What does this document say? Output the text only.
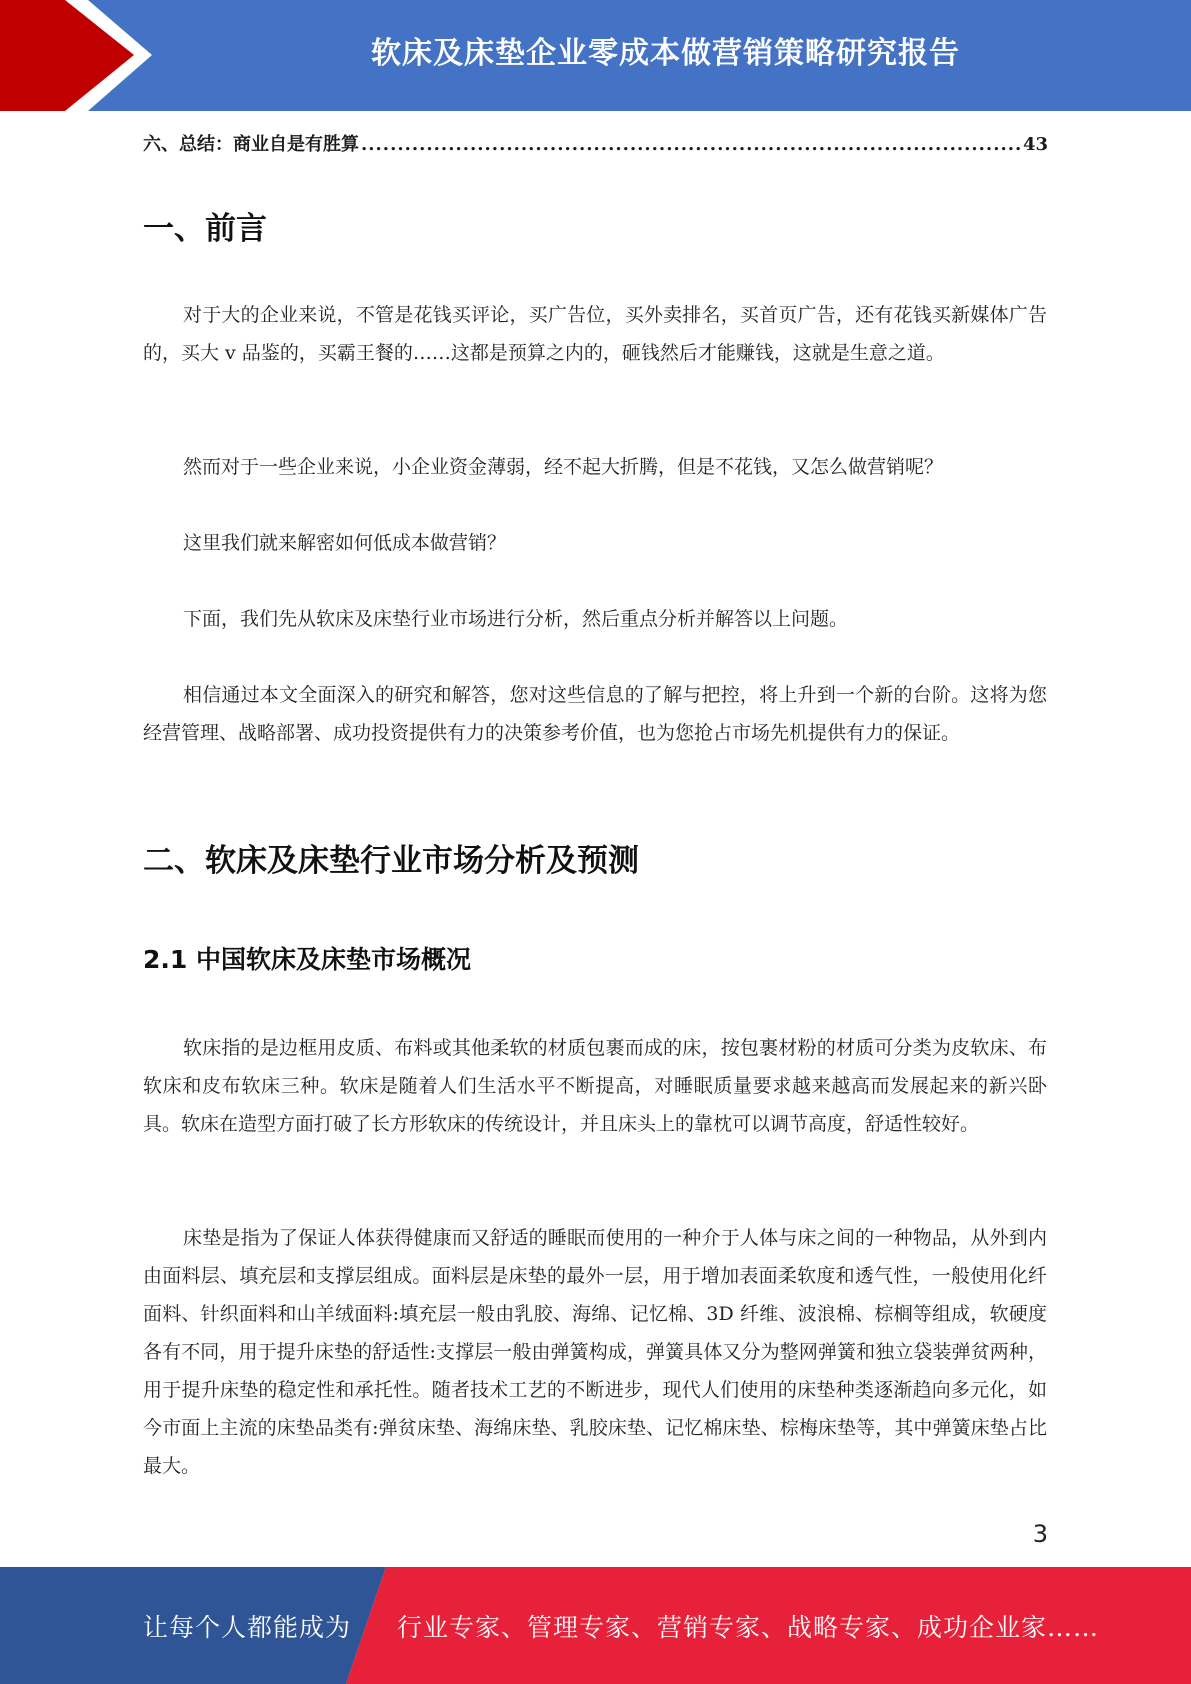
软床及床垫企业零成本做营销策略研究报告
六、总结：商业自是有胜算
.....	43
一、前言

对于大的企业来说，不管是花钱买评论，买广告位，买外卖排名，买首页广告，还有花钱买新媒体广告的，买大 v 品鉴的，买霸王餐的……这都是预算之内的，砸钱然后才能赚钱，这就是生意之道。

然而对于一些企业来说，小企业资金薄弱，经不起大折腾，但是不花钱，又怎么做营销呢？

这里我们就来解密如何低成本做营销？

下面，我们先从软床及床垫行业市场进行分析，然后重点分析并解答以上问题。

相信通过本文全面深入的研究和解答，您对这些信息的了解与把控，将上升到一个新的台阶。这将为您经营管理、战略部署、成功投资提供有力的决策参考价值，也为您抢占市场先机提供有力的保证。

二、软床及床垫行业市场分析及预测
2.1 中国软床及床垫市场概况

软床指的是边框用皮质、布料或其他柔软的材质包裹而成的床，按包裹材粉的材质可分类为皮软床、布软床和皮布软床三种。软床是随着人们生活水平不断提高，对睡眠质量要求越来越高而发展起来的新兴卧具。软床在造型方面打破了长方形软床的传统设计，并且床头上的靠枕可以调节高度，舒适性较好。

床垫是指为了保证人体获得健康而又舒适的睡眠而使用的一种介于人体与床之间的一种物品，从外到内由面料层、填充层和支撑层组成。面料层是床垫的最外一层，用于增加表面柔软度和透气性，一般使用化纤面料、针织面料和山羊绒面料:填充层一般由乳胶、海绵、记忆棉、3D 纤维、波浪棉、棕榈等组成，软硬度各有不同，用于提升床垫的舒适性:支撑层一般由弹簧构成，弹簧具体又分为整网弹簧和独立袋装弹贫两种，用于提升床垫的稳定性和承托性。随者技术工艺的不断进步，现代人们使用的床垫种类逐渐趋向多元化，如今市面上主流的床垫品类有:弹贫床垫、海绵床垫、乳胶床垫、记忆棉床垫、棕梅床垫等，其中弹簧床垫占比最大。

3
让每个人都能成为 行业专家、管理专家、营销专家、战略专家、成功企业家……
